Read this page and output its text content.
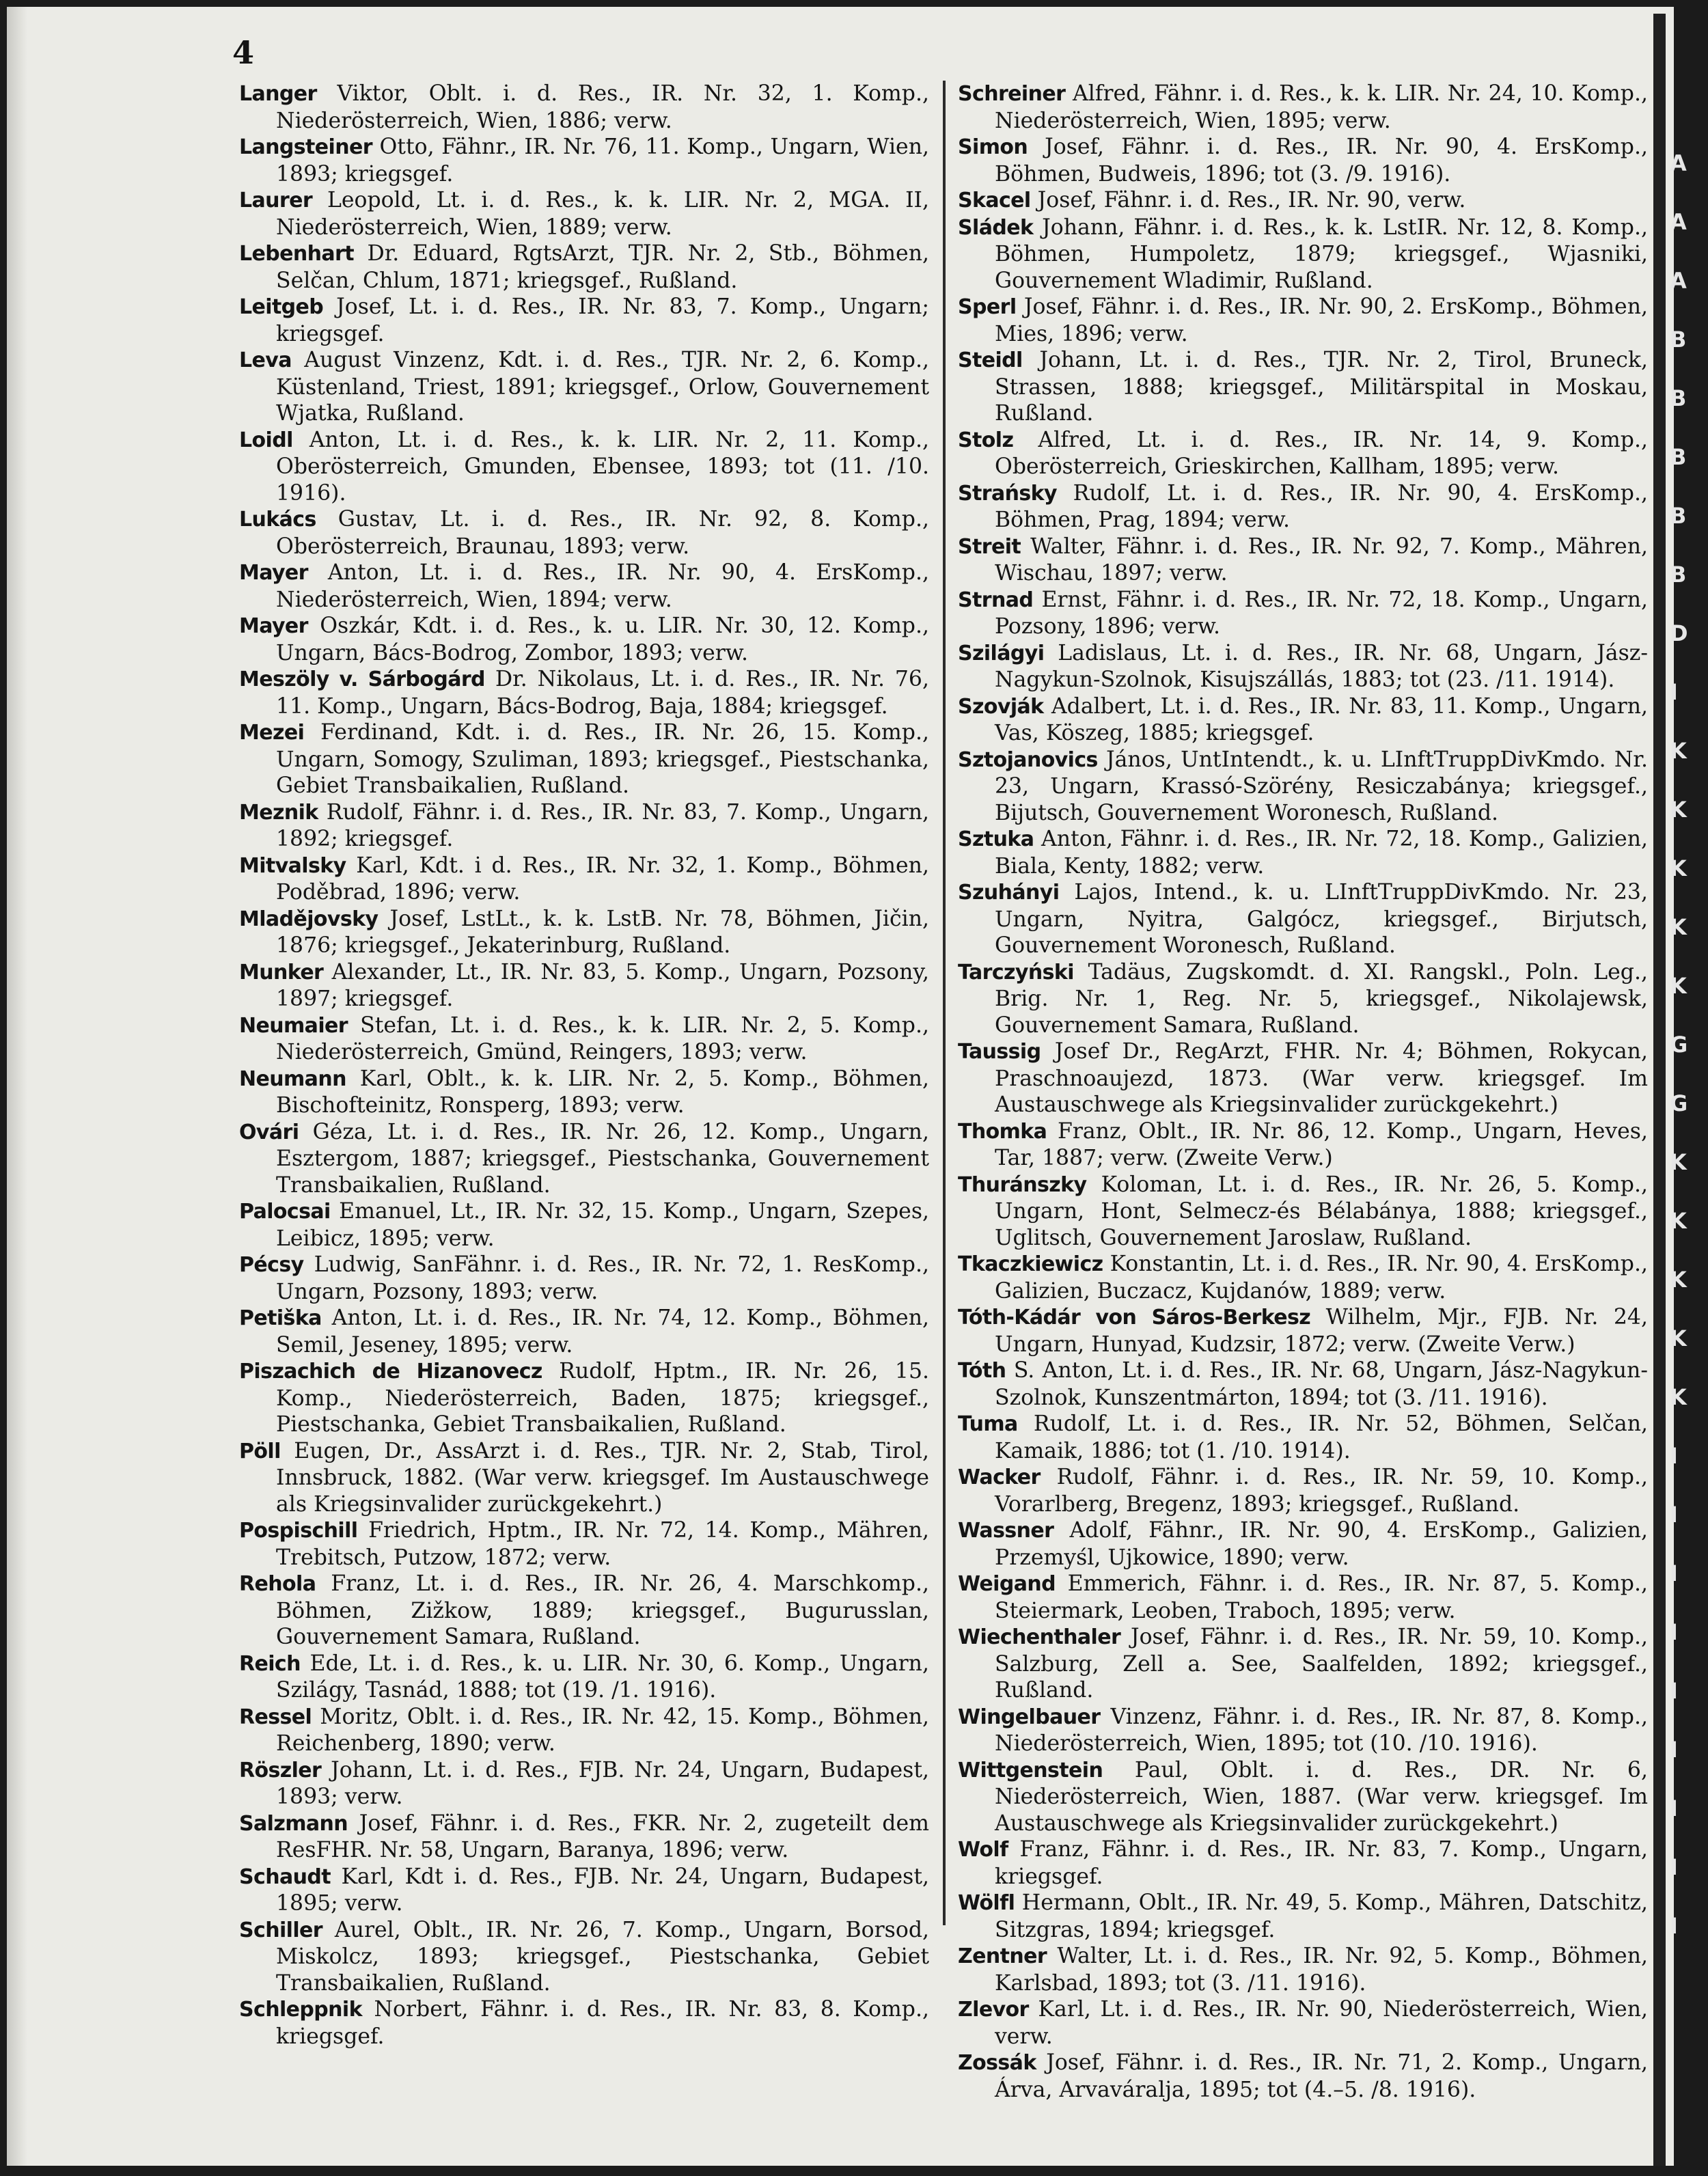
4

Langer Viktor, Oblt. i. d. Res., IR. Nr. 32, 1. Komp., Niederösterreich, Wien, 1886; verw.

Langsteiner Otto, Fähnr., IR. Nr. 76, 11. Komp., Ungarn, Wien, 1893; kriegsgef.

Laurer Leopold, Lt. i. d. Res., k. k. LIR. Nr. 2, MGA. II, Niederösterreich, Wien, 1889; verw.

Lebenhart Dr. Eduard, RgtsArzt, TJR. Nr. 2, Stb., Böhmen, Selčan, Chlum, 1871; kriegsgef., Rußland.

Leitgeb Josef, Lt. i. d. Res., IR. Nr. 83, 7. Komp., Ungarn; kriegsgef.

Leva August Vinzenz, Kdt. i. d. Res., TJR. Nr. 2, 6. Komp., Küstenland, Triest, 1891; kriegsgef., Orlow, Gouvernement Wjatka, Rußland.

Loidl Anton, Lt. i. d. Res., k. k. LIR. Nr. 2, 11. Komp., Oberösterreich, Gmunden, Ebensee, 1893; tot (11. /10. 1916).

Lukács Gustav, Lt. i. d. Res., IR. Nr. 92, 8. Komp., Oberösterreich, Braunau, 1893; verw.

Mayer Anton, Lt. i. d. Res., IR. Nr. 90, 4. ErsKomp., Niederösterreich, Wien, 1894; verw.

Mayer Oszkár, Kdt. i. d. Res., k. u. LIR. Nr. 30, 12. Komp., Ungarn, Bács-Bodrog, Zombor, 1893; verw.

Meszöly v. Sárbogárd Dr. Nikolaus, Lt. i. d. Res., IR. Nr. 76, 11. Komp., Ungarn, Bács-Bodrog, Baja, 1884; kriegsgef.

Mezei Ferdinand, Kdt. i. d. Res., IR. Nr. 26, 15. Komp., Ungarn, Somogy, Szuliman, 1893; kriegsgef., Piestschanka, Gebiet Transbaikalien, Rußland.

Meznik Rudolf, Fähnr. i. d. Res., IR. Nr. 83, 7. Komp., Ungarn, 1892; kriegsgef.

Mitvalsky Karl, Kdt. i d. Res., IR. Nr. 32, 1. Komp., Böhmen, Poděbrad, 1896; verw.

Mladějovsky Josef, LstLt., k. k. LstB. Nr. 78, Böhmen, Jičin, 1876; kriegsgef., Jekaterinburg, Rußland.

Munker Alexander, Lt., IR. Nr. 83, 5. Komp., Ungarn, Pozsony, 1897; kriegsgef.

Neumaier Stefan, Lt. i. d. Res., k. k. LIR. Nr. 2, 5. Komp., Niederösterreich, Gmünd, Reingers, 1893; verw.

Neumann Karl, Oblt., k. k. LIR. Nr. 2, 5. Komp., Böhmen, Bischofteinitz, Ronsperg, 1893; verw.

Ovári Géza, Lt. i. d. Res., IR. Nr. 26, 12. Komp., Ungarn, Esztergom, 1887; kriegsgef., Piestschanka, Gouvernement Transbaikalien, Rußland.

Palocsai Emanuel, Lt., IR. Nr. 32, 15. Komp., Ungarn, Szepes, Leibicz, 1895; verw.

Pécsy Ludwig, SanFähnr. i. d. Res., IR. Nr. 72, 1. ResKomp., Ungarn, Pozsony, 1893; verw.

Petiška Anton, Lt. i. d. Res., IR. Nr. 74, 12. Komp., Böhmen, Semil, Jeseney, 1895; verw.

Piszachich de Hizanovecz Rudolf, Hptm., IR. Nr. 26, 15. Komp., Niederösterreich, Baden, 1875; kriegsgef., Piestschanka, Gebiet Transbaikalien, Rußland.

Pöll Eugen, Dr., AssArzt i. d. Res., TJR. Nr. 2, Stab, Tirol, Innsbruck, 1882. (War verw. kriegsgef. Im Austauschwege als Kriegsinvalider zurückgekehrt.)

Pospischill Friedrich, Hptm., IR. Nr. 72, 14. Komp., Mähren, Trebitsch, Putzow, 1872; verw.

Rehola Franz, Lt. i. d. Res., IR. Nr. 26, 4. Marschkomp., Böhmen, Zižkow, 1889; kriegsgef., Bugurusslan, Gouvernement Samara, Rußland.

Reich Ede, Lt. i. d. Res., k. u. LIR. Nr. 30, 6. Komp., Ungarn, Szilágy, Tasnád, 1888; tot (19. /1. 1916).

Ressel Moritz, Oblt. i. d. Res., IR. Nr. 42, 15. Komp., Böhmen, Reichenberg, 1890; verw.

Röszler Johann, Lt. i. d. Res., FJB. Nr. 24, Ungarn, Budapest, 1893; verw.

Salzmann Josef, Fähnr. i. d. Res., FKR. Nr. 2, zugeteilt dem ResFHR. Nr. 58, Ungarn, Baranya, 1896; verw.

Schaudt Karl, Kdt i. d. Res., FJB. Nr. 24, Ungarn, Budapest, 1895; verw.

Schiller Aurel, Oblt., IR. Nr. 26, 7. Komp., Ungarn, Borsod, Miskolcz, 1893; kriegsgef., Piestschanka, Gebiet Transbaikalien, Rußland.

Schleppnik Norbert, Fähnr. i. d. Res., IR. Nr. 83, 8. Komp., kriegsgef.

Schreiner Alfred, Fähnr. i. d. Res., k. k. LIR. Nr. 24, 10. Komp., Niederösterreich, Wien, 1895; verw.

Simon Josef, Fähnr. i. d. Res., IR. Nr. 90, 4. ErsKomp., Böhmen, Budweis, 1896; tot (3. /9. 1916).

Skacel Josef, Fähnr. i. d. Res., IR. Nr. 90, verw.

Sládek Johann, Fähnr. i. d. Res., k. k. LstIR. Nr. 12, 8. Komp., Böhmen, Humpoletz, 1879; kriegsgef., Wjasniki, Gouvernement Wladimir, Rußland.

Sperl Josef, Fähnr. i. d. Res., IR. Nr. 90, 2. ErsKomp., Böhmen, Mies, 1896; verw.

Steidl Johann, Lt. i. d. Res., TJR. Nr. 2, Tirol, Bruneck, Strassen, 1888; kriegsgef., Militärspital in Moskau, Rußland.

Stolz Alfred, Lt. i. d. Res., IR. Nr. 14, 9. Komp., Oberösterreich, Grieskirchen, Kallham, 1895; verw.

Strańsky Rudolf, Lt. i. d. Res., IR. Nr. 90, 4. ErsKomp., Böhmen, Prag, 1894; verw.

Streit Walter, Fähnr. i. d. Res., IR. Nr. 92, 7. Komp., Mähren, Wischau, 1897; verw.

Strnad Ernst, Fähnr. i. d. Res., IR. Nr. 72, 18. Komp., Ungarn, Pozsony, 1896; verw.

Szilágyi Ladislaus, Lt. i. d. Res., IR. Nr. 68, Ungarn, Jász-Nagykun-Szolnok, Kisujszállás, 1883; tot (23. /11. 1914).

Szovják Adalbert, Lt. i. d. Res., IR. Nr. 83, 11. Komp., Ungarn, Vas, Köszeg, 1885; kriegsgef.

Sztojanovics János, UntIntendt., k. u. LInftTruppDivKmdo. Nr. 23, Ungarn, Krassó-Szörény, Resiczabánya; kriegsgef., Bijutsch, Gouvernement Woronesch, Rußland.

Sztuka Anton, Fähnr. i. d. Res., IR. Nr. 72, 18. Komp., Galizien, Biala, Kenty, 1882; verw.

Szuhányi Lajos, Intend., k. u. LInftTruppDivKmdo. Nr. 23, Ungarn, Nyitra, Galgócz, kriegsgef., Birjutsch, Gouvernement Woronesch, Rußland.

Tarczyński Tadäus, Zugskomdt. d. XI. Rangskl., Poln. Leg., Brig. Nr. 1, Reg. Nr. 5, kriegsgef., Nikolajewsk, Gouvernement Samara, Rußland.

Taussig Josef Dr., RegArzt, FHR. Nr. 4; Böhmen, Rokycan, Praschnoaujezd, 1873. (War verw. kriegsgef. Im Austauschwege als Kriegsinvalider zurückgekehrt.)

Thomka Franz, Oblt., IR. Nr. 86, 12. Komp., Ungarn, Heves, Tar, 1887; verw. (Zweite Verw.)

Thuránszky Koloman, Lt. i. d. Res., IR. Nr. 26, 5. Komp., Ungarn, Hont, Selmecz-és Bélabánya, 1888; kriegsgef., Uglitsch, Gouvernement Jaroslaw, Rußland.

Tkaczkiewicz Konstantin, Lt. i. d. Res., IR. Nr. 90, 4. ErsKomp., Galizien, Buczacz, Kujdanów, 1889; verw.

Tóth-Kádár von Sáros-Berkesz Wilhelm, Mjr., FJB. Nr. 24, Ungarn, Hunyad, Kudzsir, 1872; verw. (Zweite Verw.)

Tóth S. Anton, Lt. i. d. Res., IR. Nr. 68, Ungarn, Jász-Nagykun-Szolnok, Kunszentmárton, 1894; tot (3. /11. 1916).

Tuma Rudolf, Lt. i. d. Res., IR. Nr. 52, Böhmen, Selčan, Kamaik, 1886; tot (1. /10. 1914).

Wacker Rudolf, Fähnr. i. d. Res., IR. Nr. 59, 10. Komp., Vorarlberg, Bregenz, 1893; kriegsgef., Rußland.

Wassner Adolf, Fähnr., IR. Nr. 90, 4. ErsKomp., Galizien, Przemyśl, Ujkowice, 1890; verw.

Weigand Emmerich, Fähnr. i. d. Res., IR. Nr. 87, 5. Komp., Steiermark, Leoben, Traboch, 1895; verw.

Wiechenthaler Josef, Fähnr. i. d. Res., IR. Nr. 59, 10. Komp., Salzburg, Zell a. See, Saalfelden, 1892; kriegsgef., Rußland.

Wingelbauer Vinzenz, Fähnr. i. d. Res., IR. Nr. 87, 8. Komp., Niederösterreich, Wien, 1895; tot (10. /10. 1916).

Wittgenstein Paul, Oblt. i. d. Res., DR. Nr. 6, Niederösterreich, Wien, 1887. (War verw. kriegsgef. Im Austauschwege als Kriegsinvalider zurückgekehrt.)

Wolf Franz, Fähnr. i. d. Res., IR. Nr. 83, 7. Komp., Ungarn, kriegsgef.

Wölfl Hermann, Oblt., IR. Nr. 49, 5. Komp., Mähren, Datschitz, Sitzgras, 1894; kriegsgef.

Zentner Walter, Lt. i. d. Res., IR. Nr. 92, 5. Komp., Böhmen, Karlsbad, 1893; tot (3. /11. 1916).

Zlevor Karl, Lt. i. d. Res., IR. Nr. 90, Niederösterreich, Wien, verw.

Zossák Josef, Fähnr. i. d. Res., IR. Nr. 71, 2. Komp., Ungarn, Árva, Arvaváralja, 1895; tot (4.–5. /8. 1916).

A
A
A
B
B
B
B
B
D
I
K
K
K
K
K
G
G
K
K
K
K
K
I
I
I
I
I
I
I
I
I
